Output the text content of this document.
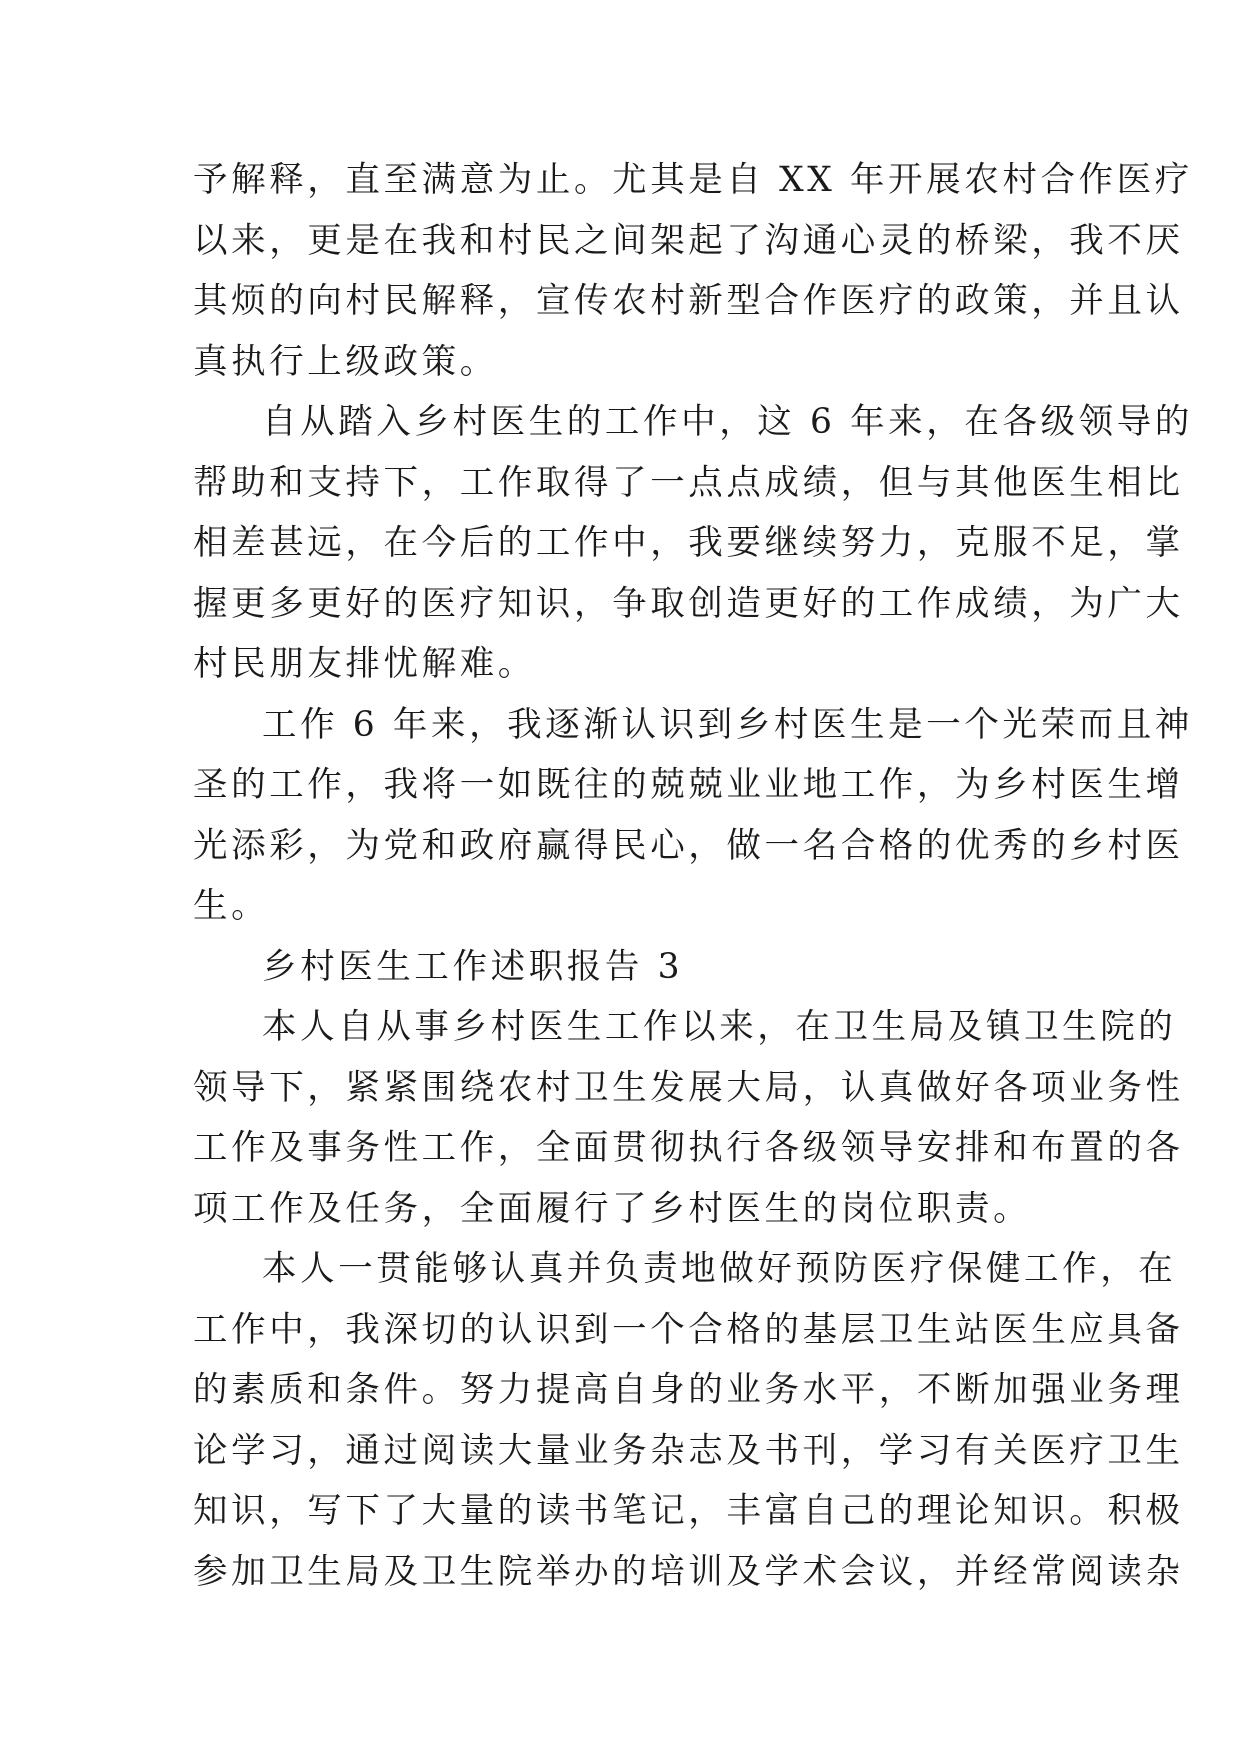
予解释，直至满意为止。尤其是自 XX 年开展农村合作医疗
以来，更是在我和村民之间架起了沟通心灵的桥梁，我不厌
其烦的向村民解释，宣传农村新型合作医疗的政策，并且认
真执行上级政策。
自从踏入乡村医生的工作中，这 6 年来，在各级领导的
帮助和支持下，工作取得了一点点成绩，但与其他医生相比
相差甚远，在今后的工作中，我要继续努力，克服不足，掌
握更多更好的医疗知识，争取创造更好的工作成绩，为广大
村民朋友排忧解难。
工作 6 年来，我逐渐认识到乡村医生是一个光荣而且神
圣的工作，我将一如既往的兢兢业业地工作，为乡村医生增
光添彩，为党和政府赢得民心，做一名合格的优秀的乡村医
生。
乡村医生工作述职报告 3
本人自从事乡村医生工作以来，在卫生局及镇卫生院的
领导下，紧紧围绕农村卫生发展大局，认真做好各项业务性
工作及事务性工作，全面贯彻执行各级领导安排和布置的各
项工作及任务，全面履行了乡村医生的岗位职责。
本人一贯能够认真并负责地做好预防医疗保健工作，在
工作中，我深切的认识到一个合格的基层卫生站医生应具备
的素质和条件。努力提高自身的业务水平，不断加强业务理
论学习，通过阅读大量业务杂志及书刊，学习有关医疗卫生
知识，写下了大量的读书笔记，丰富自己的理论知识。积极
参加卫生局及卫生院举办的培训及学术会议，并经常阅读杂
